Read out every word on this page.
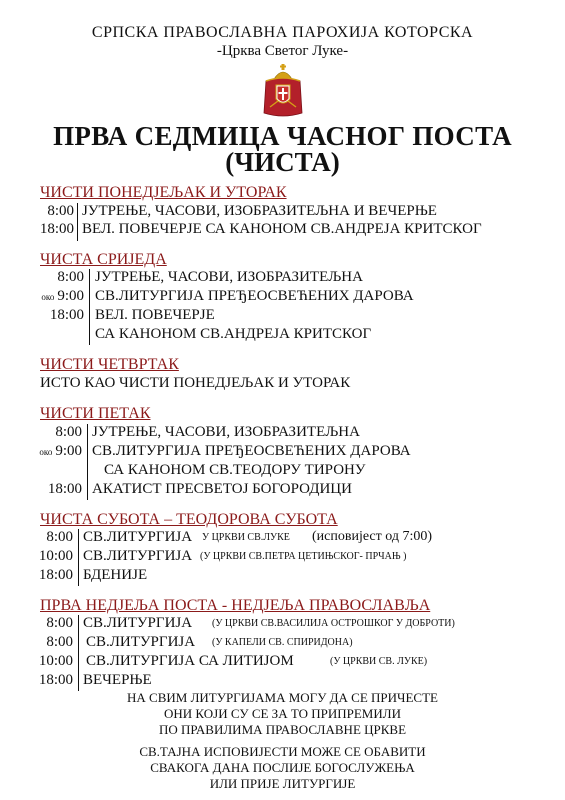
СРПСКА ПРАВОСЛАВНА ПАРОХИЈА КОТОРСКА
-Црква Светог Луке-
ПРВА СЕДМИЦА ЧАСНОГ ПОСТА
(ЧИСТА)
ЧИСТИ ПОНЕДЈЕЉАК И УТОРАК
8:00 ЈУТРЕЊЕ, ЧАСОВИ, ИЗОБРАЗИТЕЉНА И ВЕЧЕРЊЕ
18:00 ВЕЛ. ПОВЕЧЕРЈЕ СА КАНОНОМ СВ.АНДРЕЈА КРИТСКОГ
ЧИСТА СРИЈЕДА
8:00 ЈУТРЕЊЕ, ЧАСОВИ, ИЗОБРАЗИТЕЉНА
око 9:00 СВ.ЛИТУРГИЈА ПРЕЂЕОСВЕЋЕНИХ ДАРОВА
18:00 ВЕЛ. ПОВЕЧЕРЈЕ
СА КАНОНОМ СВ.АНДРЕЈА КРИТСКОГ
ЧИСТИ ЧЕТВРТАК
ИСТО КАО ЧИСТИ ПОНЕДЈЕЉАК И УТОРАК
ЧИСТИ ПЕТАК
8:00 ЈУТРЕЊЕ, ЧАСОВИ, ИЗОБРАЗИТЕЉНА
око 9:00 СВ.ЛИТУРГИЈА ПРЕЂЕОСВЕЋЕНИХ ДАРОВА
СА КАНОНОМ СВ.ТЕОДОРУ ТИРОНУ
18:00 АКАТИСТ ПРЕСВЕТОЈ БОГОРОДИЦИ
ЧИСТА СУБОТА – ТЕОДОРОВА СУБОТА
8:00 СВ.ЛИТУРГИЈА У ЦРКВИ СВ.ЛУКЕ (исповијест од 7:00)
10:00 СВ.ЛИТУРГИЈА (У ЦРКВИ СВ.ПЕТРА ЦЕТИЊСКОГ- ПРЧАЊ )
18:00 БДЕНИЈЕ
ПРВА НЕДЈЕЉА ПОСТА - НЕДЈЕЉА ПРАВОСЛАВЉА
8:00 СВ.ЛИТУРГИЈА (У ЦРКВИ СВ.ВАСИЛИЈА ОСТРОШКОГ У ДОБРОТИ)
8:00 СВ.ЛИТУРГИЈА (У КАПЕЛИ СВ. СПИРИДОНА)
10:00 СВ.ЛИТУРГИЈА СА ЛИТИЈОМ	(У ЦРКВИ СВ. ЛУКЕ)
18:00 ВЕЧЕРЊЕ
НА СВИМ ЛИТУРГИЈАМА МОГУ ДА СЕ ПРИЧЕСТЕ
ОНИ КОЈИ СУ СЕ ЗА ТО ПРИПРЕМИЛИ
ПО ПРАВИЛИМА ПРАВОСЛАВНЕ ЦРКВЕ
СВ.ТАЈНА ИСПОВИЈЕСТИ МОЖЕ СЕ ОБАВИТИ
СВАКОГА ДАНА ПОСЛИЈЕ БОГОСЛУЖЕЊА
ИЛИ ПРИЈЕ ЛИТУРГИЈЕ
